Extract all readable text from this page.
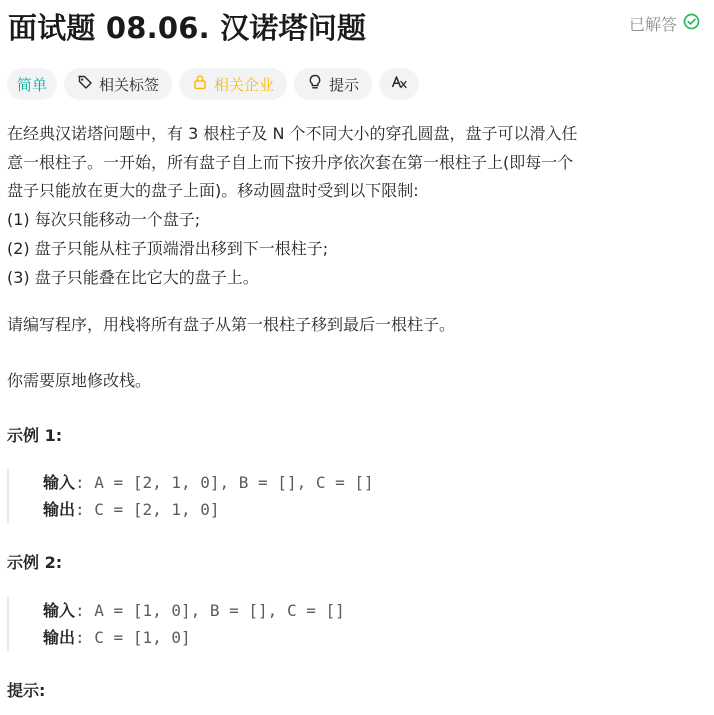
面试题 08.06. 汉诺塔问题	已解答
简单	相关标签	相关企业	提示

在经典汉诺塔问题中，有 3 根柱子及 N 个不同大小的穿孔圆盘，盘子可以滑入任

意一根柱子。一开始，所有盘子自上而下按升序依次套在第一根柱子上(即每一个

盘子只能放在更大的盘子上面)。移动圆盘时受到以下限制:

(1) 每次只能移动一个盘子;

(2) 盘子只能从柱子顶端滑出移到下一根柱子;

(3) 盘子只能叠在比它大的盘子上。

请编写程序，用栈将所有盘子从第一根柱子移到最后一根柱子。

你需要原地修改栈。

示例 1:

输入: A = [2, 1, 0], B = [], C = []
输出: C = [2, 1, 0]

示例 2:

输入: A = [1, 0], B = [], C = []
输出: C = [1, 0]

提示:
